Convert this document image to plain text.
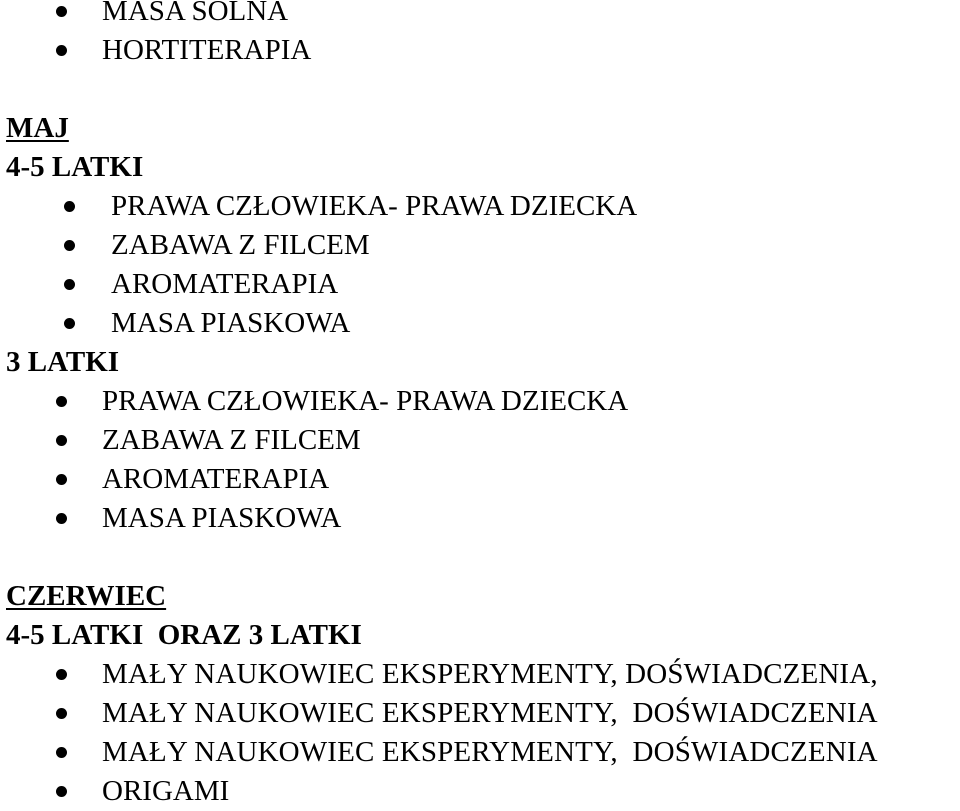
MASA SOLNA
HORTITERAPIA
MAJ
4-5 LATKI
PRAWA CZŁOWIEKA- PRAWA DZIECKA
ZABAWA Z FILCEM
AROMATERAPIA
MASA PIASKOWA
3 LATKI
PRAWA CZŁOWIEKA- PRAWA DZIECKA
ZABAWA Z FILCEM
AROMATERAPIA
MASA PIASKOWA
CZERWIEC
4-5 LATKI  ORAZ 3 LATKI
MAŁY NAUKOWIEC EKSPERYMENTY, DOŚWIADCZENIA,
MAŁY NAUKOWIEC EKSPERYMENTY,  DOŚWIADCZENIA
MAŁY NAUKOWIEC EKSPERYMENTY,  DOŚWIADCZENIA
ORIGAMI
